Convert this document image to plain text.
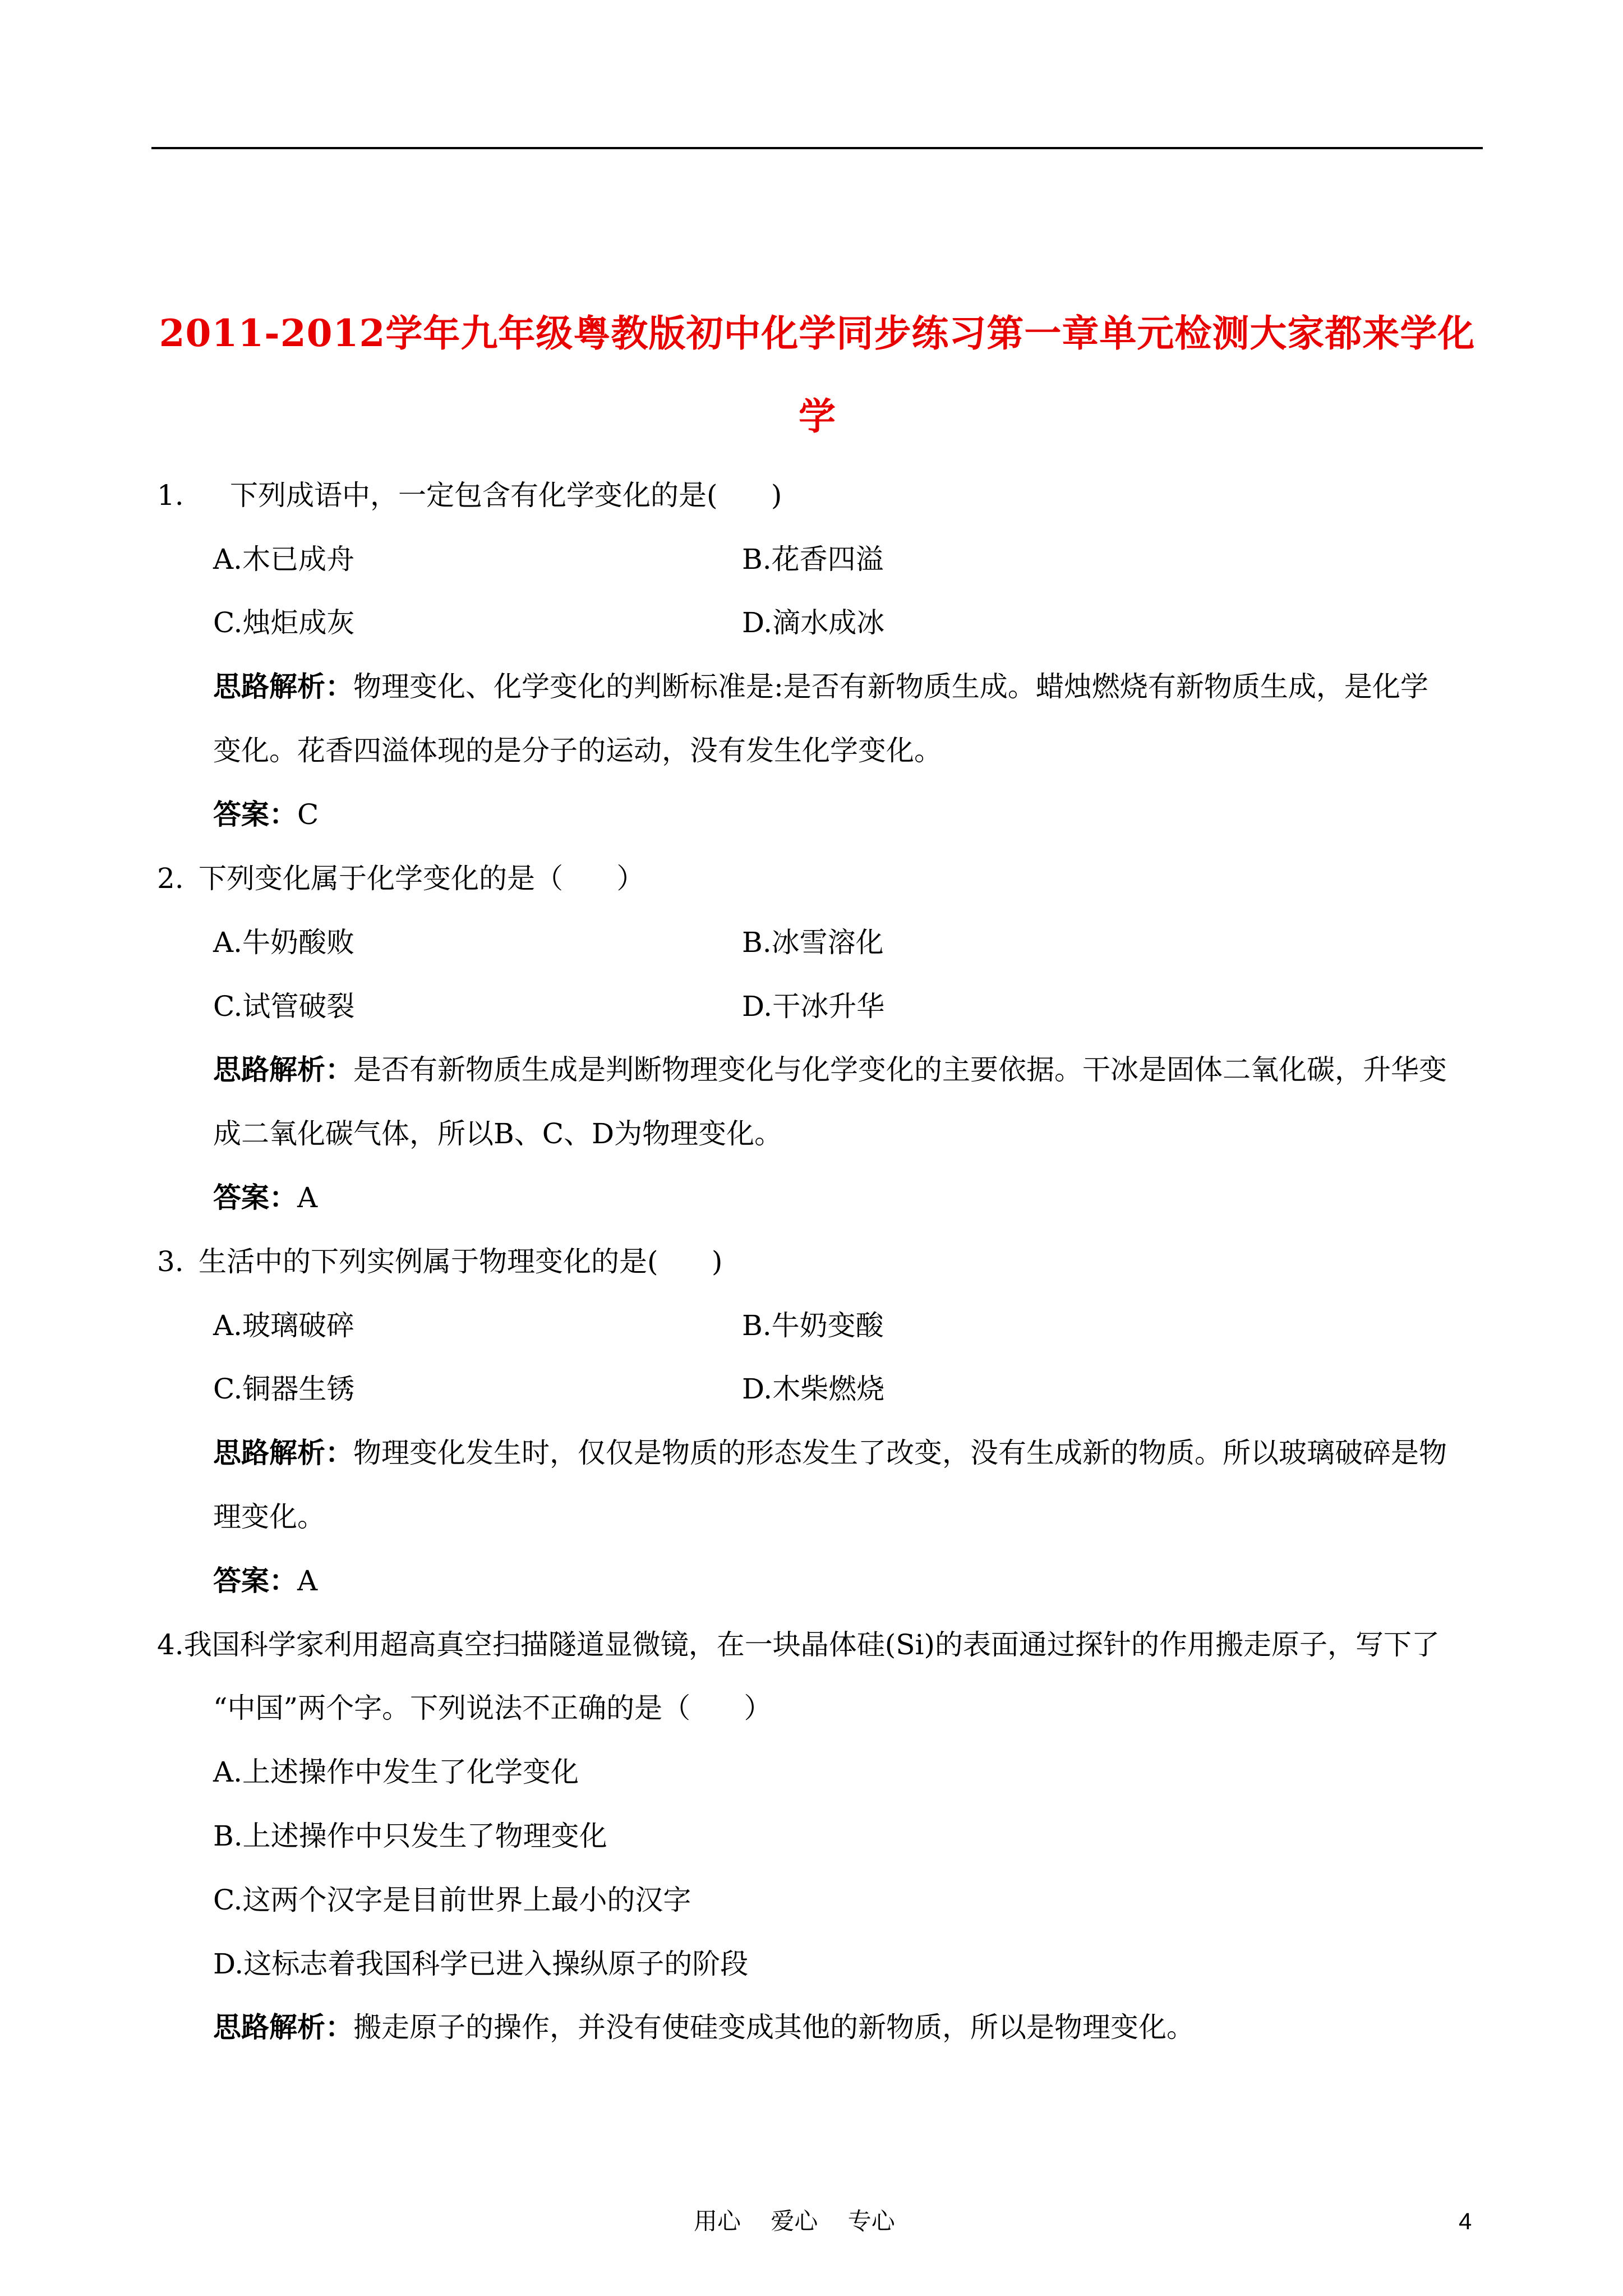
2011-2012学年九年级粤教版初中化学同步练习第一章单元检测大家都来学化
学
1. 下列成语中，一定包含有化学变化的是(      )
A.木已成舟	B.花香四溢
C.烛炬成灰	D.滴水成冰
思路解析：物理变化、化学变化的判断标准是:是否有新物质生成。蜡烛燃烧有新物质生成，是化学
变化。花香四溢体现的是分子的运动，没有发生化学变化。
答案：C
2. 下列变化属于化学变化的是（      ）
A.牛奶酸败	B.冰雪溶化
C.试管破裂	D.干冰升华
思路解析：是否有新物质生成是判断物理变化与化学变化的主要依据。干冰是固体二氧化碳，升华变
成二氧化碳气体，所以B、C、D为物理变化。
答案：A
3. 生活中的下列实例属于物理变化的是(      )
A.玻璃破碎	B.牛奶变酸
C.铜器生锈	D.木柴燃烧
思路解析：物理变化发生时，仅仅是物质的形态发生了改变，没有生成新的物质。所以玻璃破碎是物
理变化。
答案：A
4.我国科学家利用超高真空扫描隧道显微镜，在一块晶体硅(Si)的表面通过探针的作用搬走原子，写下了
“中国”两个字。下列说法不正确的是（      ）
A.上述操作中发生了化学变化
B.上述操作中只发生了物理变化
C.这两个汉字是目前世界上最小的汉字
D.这标志着我国科学已进入操纵原子的阶段
思路解析：搬走原子的操作，并没有使硅变成其他的新物质，所以是物理变化。
用心    爱心    专心	4
